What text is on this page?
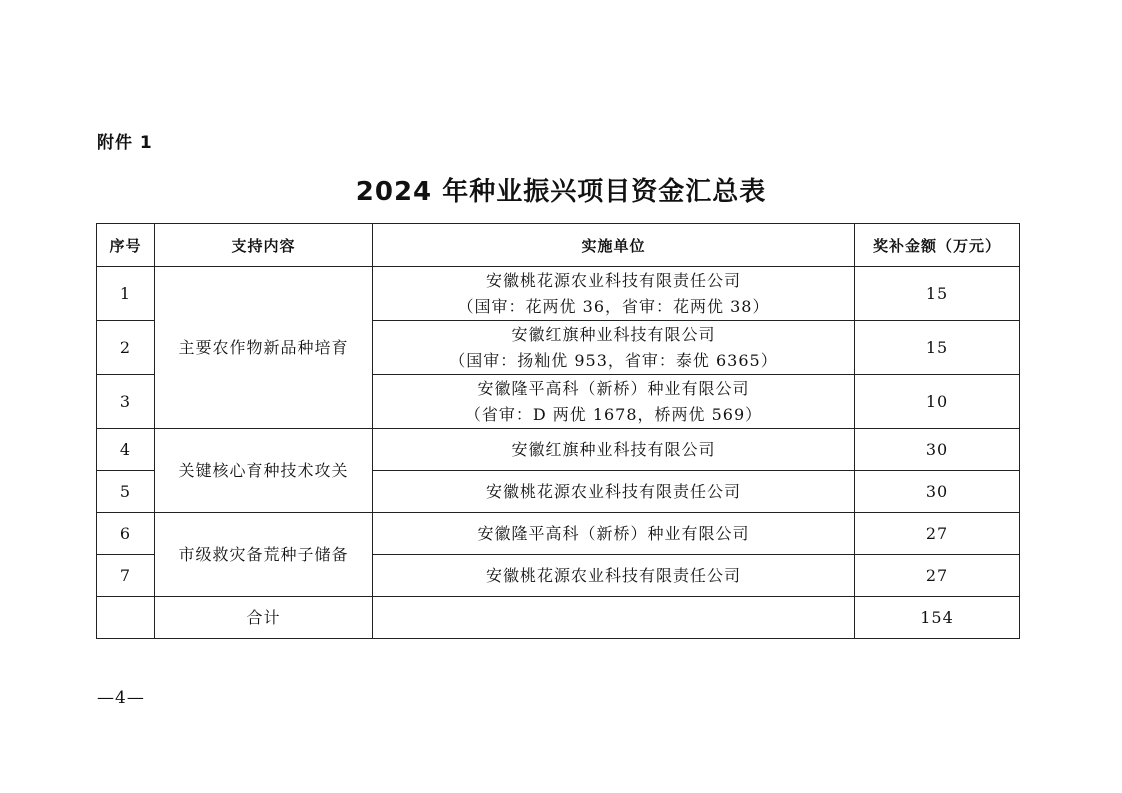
附件 1
2024 年种业振兴项目资金汇总表
序号	支持内容	实施单位	奖补金额（万元）
1	主要农作物新品种培育	安徽桃花源农业科技有限责任公司
（国审：花两优 36，省审：花两优 38）	15
2		安徽红旗种业科技有限公司
（国审：扬籼优 953，省审：泰优 6365）	15
3		安徽隆平高科（新桥）种业有限公司
（省审：D 两优 1678，桥两优 569）	10
4	关键核心育种技术攻关	安徽红旗种业科技有限公司	30
5		安徽桃花源农业科技有限责任公司	30
6	市级救灾备荒种子储备	安徽隆平高科（新桥）种业有限公司	27
7		安徽桃花源农业科技有限责任公司	27
	合计		154
—4—
